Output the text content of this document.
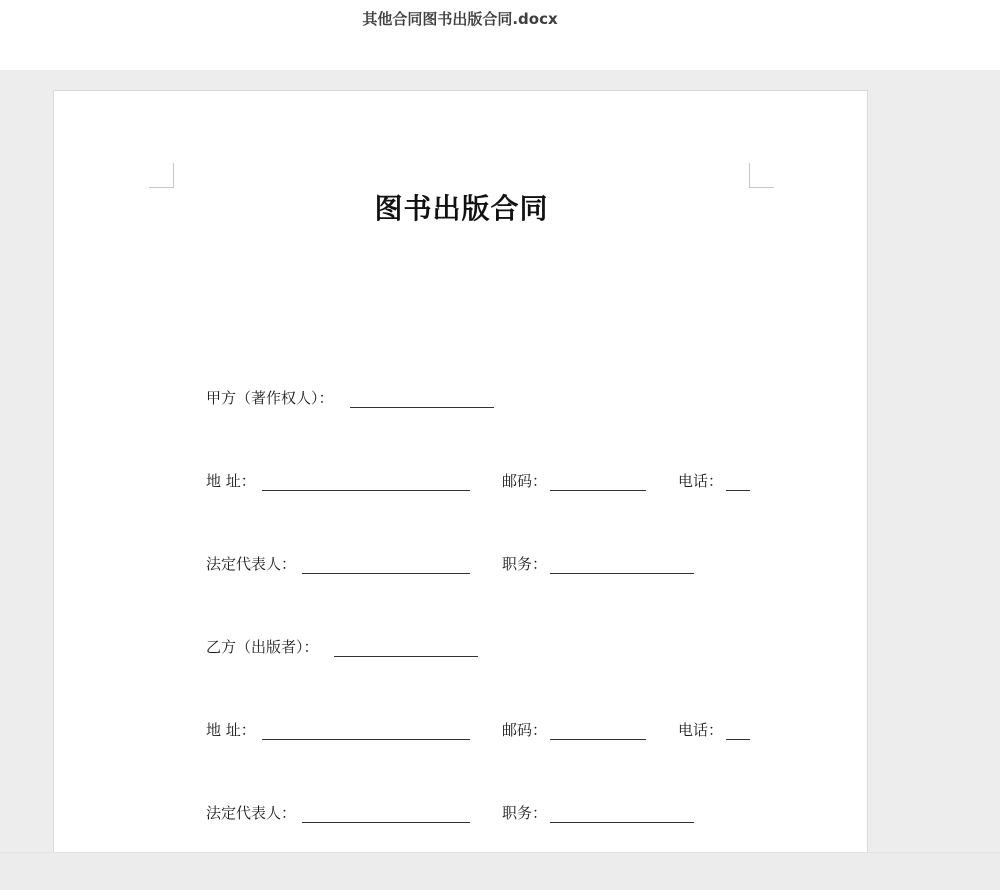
其他合同图书出版合同.docx
图书出版合同
甲方（著作权人）：
地 址：	邮码：	电话：
法定代表人：	职务：
乙方（出版者）：
地 址：	邮码：	电话：
法定代表人：	职务：
